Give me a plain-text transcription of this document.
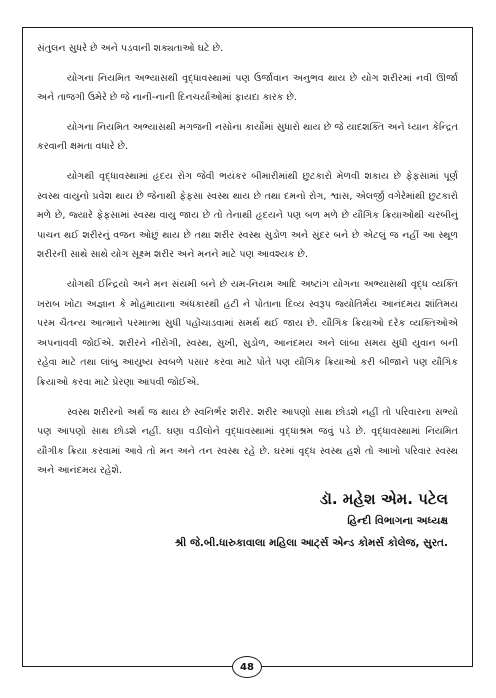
સંતુલન સુધરે છે અને પડવાની શક્યતાઓ ઘટે છે.

યોગના નિયમિત અભ્યાસથી વૃદ્ધાવસ્થામાં પણ ઉર્જાવાન અનુભવ થાય છે યોગ શરીરમાં નવી ઊર્જા અને તાજગી ઉમેરે છે જે નાની-નાની દિનચર્યાઓમાં ફાયદા કારક છે.

યોગના નિયમિત અભ્યાસથી મગજની નસોના કાર્યોમાં સુધારો થાય છે જે યાદશક્તિ અને ધ્યાન કેન્દ્રિત કરવાની ક્ષમતા વધારે છે.

યોગથી વૃદ્ધાવસ્થામાં હૃદય રોગ જેવી ભયંકર બીમારીમાંથી છુટકારો મેળવી શકાય છે ફેફસામાં પૂર્ણ સ્વસ્થ વાયુનો પ્રવેશ થાય છે જેનાથી ફેફસા સ્વસ્થ થાય છે તથા દમનો રોગ, શ્વાસ, એલર્જી વગેરેમાંથી છુટકારો મળે છે, જ્યારે ફેફસામાં સ્વસ્થ વાયુ જાય છે તો તેનાથી હૃદયને પણ બળ મળે છે યૌગિક ક્રિયાઓથી ચરબીનું પાચન થઈ શરીરનું વજન ઓછું થાય છે તથા શરીર સ્વસ્થ સુડોળ અને સુંદર બને છે એટલું જ નહીં આ સ્થૂળ શરીરની સાથે સાથે યોગ સૂક્ષ્મ શરીર અને મનને માટે પણ આવશ્યક છે.

યોગથી ઈન્દ્રિયો અને મન સંયમી બને છે યમ-નિયમ આદિ અષ્ટાંગ યોગના અભ્યાસથી વૃદ્ધ વ્યક્તિ ખરાબ ખોટા અજ્ઞાન કે મોહમાયાના અંધકારથી હટી ને પોતાના દિવ્ય સ્વરૂપ જ્યોતિર્મય આનંદમય શાંતિમય પરમ ચૈતન્ય આત્માને પરમાત્મા સુધી પહોંચાડવામાં સમર્થ થઈ જાય છે. યૌગિક ક્રિયાઓ દરેક વ્યક્તિઓએ અપનાવવી જોઈએ. શરીરને નીરોગી, સ્વસ્થ, સુખી, સુડોળ, આનંદમય અને લાંબા સમય સુધી યુવાન બની રહેવા માટે તથા લાંબુ આયુષ્ય સ્વબળે પસાર કરવા માટે પોતે પણ યૌગિક ક્રિયાઓ કરી બીજાને પણ યૌગિક ક્રિયાઓ કરવા માટે પ્રેરણા આપવી જોઈએ.

સ્વસ્થ શરીરનો અર્થ જ થાય છે સ્વનિર્ભર શરીર. શરીર આપણો સાથ છોડશે નહીં તો પરિવારના સભ્યો પણ આપણો સાથ છોડશે નહીં. ઘણા વડીલોને વૃદ્ધાવસ્થામાં વૃદ્ધાશ્રમ જવું પડે છે. વૃદ્ધાવસ્થામાં નિયમિત યૌગીક ક્રિયા કરવામાં આવે તો મન અને તન સ્વસ્થ રહે છે. ઘરમાં વૃદ્ધ સ્વસ્થ હશે તો આખો પરિવાર સ્વસ્થ અને આનંદમય રહેશે.

ડૉ. મહેશ એમ. પટેલ

હિન્દી વિભાગના અધ્યક્ષ

શ્રી જે.બી.ધારુકાવાલા મહિલા આર્ટ્સ એન્ડ કોમર્સ કોલેજ, સુરત.

48
